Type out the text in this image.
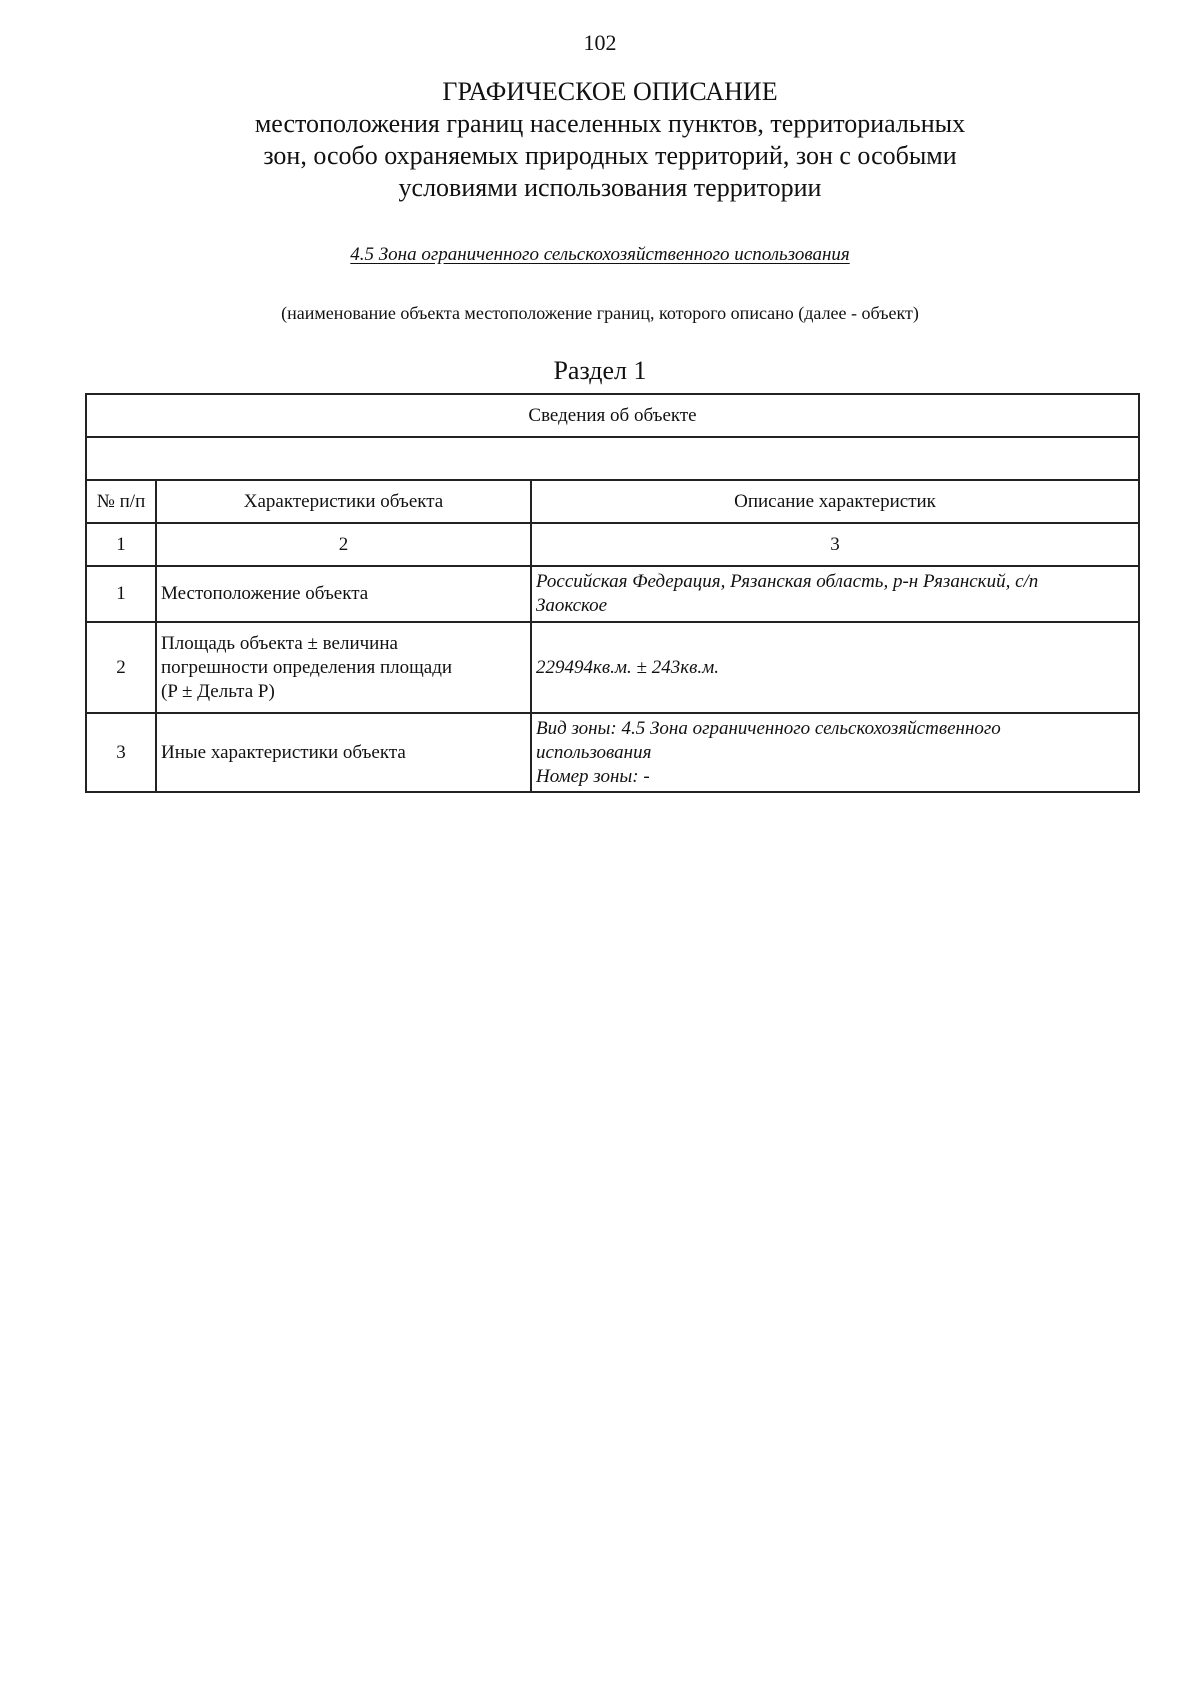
102
ГРАФИЧЕСКОЕ ОПИСАНИЕ
местоположения границ населенных пунктов, территориальных
зон, особо охраняемых природных территорий, зон с особыми
условиями использования территории
4.5 Зона ограниченного сельскохозяйственного использования
(наименование объекта местоположение границ, которого описано (далее - объект)
Раздел 1
Сведения об объекте		

№ п/п	Характеристики объекта	Описание характеристик
1	2	3
1	Местоположение объекта	Российская Федерация, Рязанская область, р-н Рязанский, с/п
Заокское

2	Площадь объекта ± величина
погрешности определения площади
(P ± Дельта P)	229494кв.м. ± 243кв.м.
3	Иные характеристики объекта	Вид зоны: 4.5 Зона ограниченного сельскохозяйственного
использования
Номер зоны: -
